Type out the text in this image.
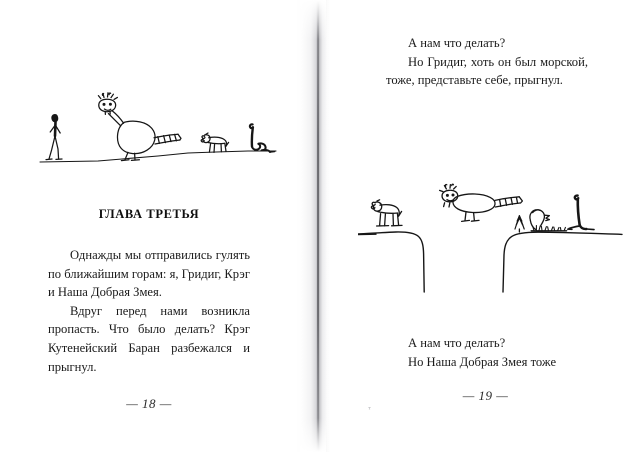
ГЛАВА ТРЕТЬЯ

Однажды мы отправились гулять по ближайшим горам: я, Гридиг, Крэг и Наша Добрая Змея.

Вдруг перед нами возникла пропасть. Что было делать? Крэг Кутенейский Баран разбежался и прыгнул.

— 18 —

А нам что делать?

Но Гридиг, хоть он был морской, тоже, представьте себе, прыгнул.

А нам что делать?

Но Наша Добрая Змея тоже

— 19 —
т
